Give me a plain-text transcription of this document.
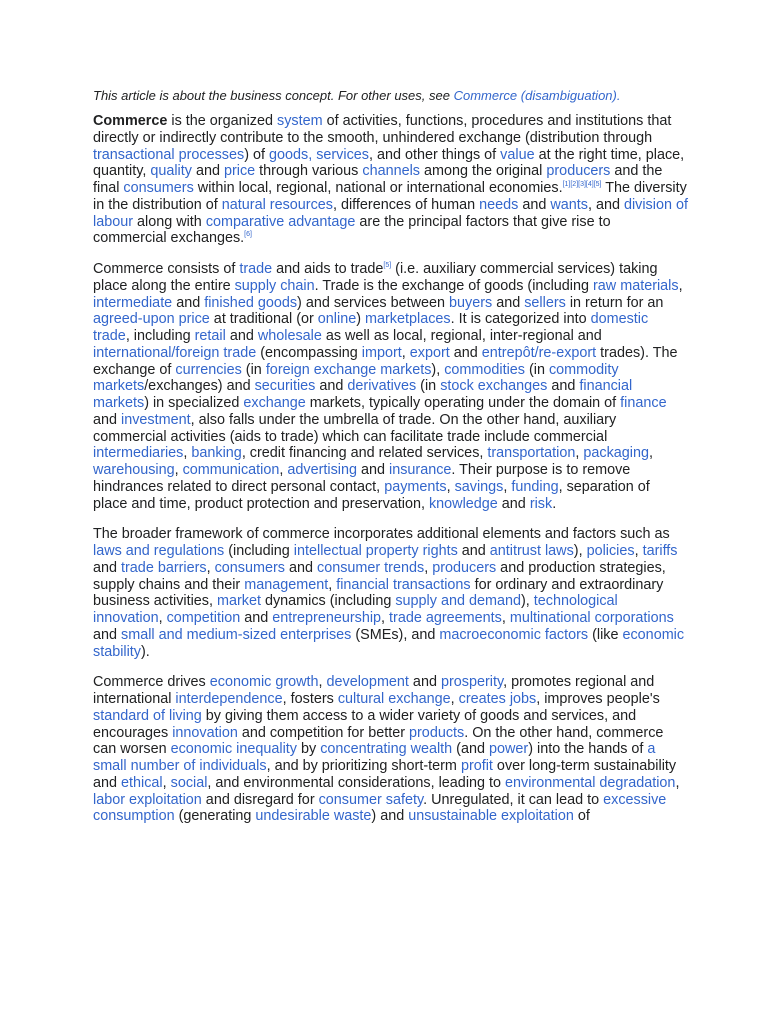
This article is about the business concept. For other uses, see Commerce (disambiguation).

Commerce is the organized system of activities, functions, procedures and institutions that directly or indirectly contribute to the smooth, unhindered exchange (distribution through transactional processes) of goods, services, and other things of value at the right time, place, quantity, quality and price through various channels among the original producers and the final consumers within local, regional, national or international economies.[1][2][3][4][5] The diversity in the distribution of natural resources, differences of human needs and wants, and division of labour along with comparative advantage are the principal factors that give rise to commercial exchanges.[6]

Commerce consists of trade and aids to trade[5] (i.e. auxiliary commercial services) taking place along the entire supply chain. Trade is the exchange of goods (including raw materials, intermediate and finished goods) and services between buyers and sellers in return for an agreed-upon price at traditional (or online) marketplaces. It is categorized into domestic trade, including retail and wholesale as well as local, regional, inter-regional and international/foreign trade (encompassing import, export and entrepôt/re-export trades). The exchange of currencies (in foreign exchange markets), commodities (in commodity markets/exchanges) and securities and derivatives (in stock exchanges and financial markets) in specialized exchange markets, typically operating under the domain of finance and investment, also falls under the umbrella of trade. On the other hand, auxiliary commercial activities (aids to trade) which can facilitate trade include commercial intermediaries, banking, credit financing and related services, transportation, packaging, warehousing, communication, advertising and insurance. Their purpose is to remove hindrances related to direct personal contact, payments, savings, funding, separation of place and time, product protection and preservation, knowledge and risk.

The broader framework of commerce incorporates additional elements and factors such as laws and regulations (including intellectual property rights and antitrust laws), policies, tariffs and trade barriers, consumers and consumer trends, producers and production strategies, supply chains and their management, financial transactions for ordinary and extraordinary business activities, market dynamics (including supply and demand), technological innovation, competition and entrepreneurship, trade agreements, multinational corporations and small and medium-sized enterprises (SMEs), and macroeconomic factors (like economic stability).

Commerce drives economic growth, development and prosperity, promotes regional and international interdependence, fosters cultural exchange, creates jobs, improves people's standard of living by giving them access to a wider variety of goods and services, and encourages innovation and competition for better products. On the other hand, commerce can worsen economic inequality by concentrating wealth (and power) into the hands of a small number of individuals, and by prioritizing short-term profit over long-term sustainability and ethical, social, and environmental considerations, leading to environmental degradation, labor exploitation and disregard for consumer safety. Unregulated, it can lead to excessive consumption (generating undesirable waste) and unsustainable exploitation of
